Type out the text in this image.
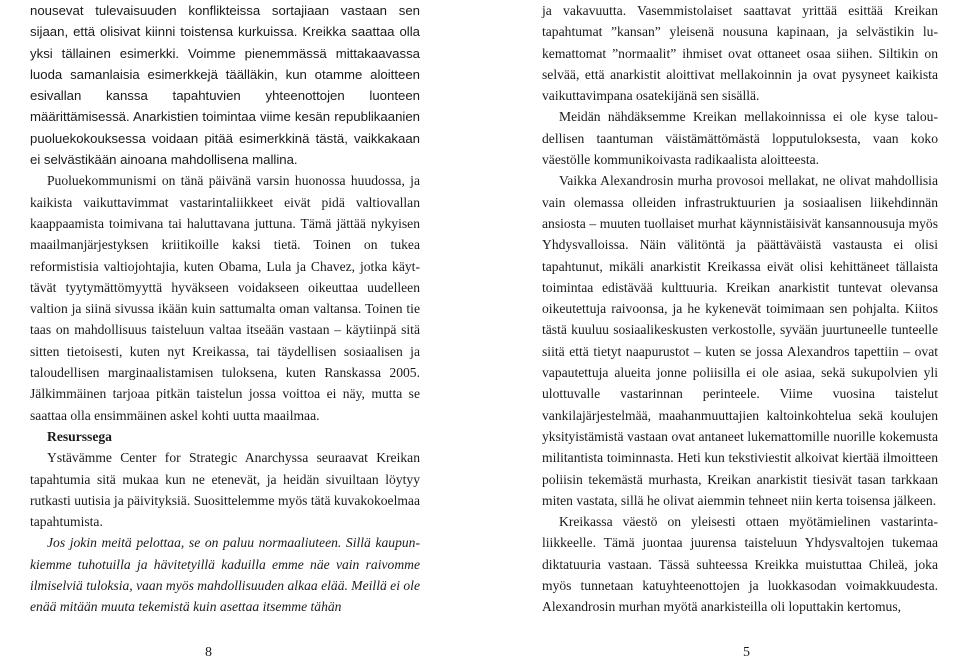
nousevat tulevaisuuden konflikteissa sortajiaan vastaan sen sijaan, että olisivat kiinni toistensa kurkuissa. Kreikka saattaa olla yksi tällainen esimerkki. Voimme pienemmässä mittakaavassa luoda samanlaisia esimerkkejä täälläkin, kun otamme aloitteen esivallan kanssa tapahtuvien yhteenottojen luonteen määrittämisessä. Anarkistien toimintaa viime kesän republikaanien puoluekokouksessa voidaan pitää esimerkkinä tästä, vaikkakaan ei selvästikään ainoana mahdollisena mallina.

Puoluekommunismi on tänä päivänä varsin huonossa huudossa, ja kaikista vaikuttavimmat vastarintaliikkeet eivät pidä valtiovallan kaappaamista toimivana tai haluttavana juttuna. Tämä jättää nykyisen maailmanjärjestyksen kriitikoille kaksi tietä. Toinen on tukea reformistisia valtiojohtajia, kuten Obama, Lula ja Chavez, jotka käyttävät tyytymättömyyttä hyväkseen voidakseen oikeuttaa uudelleen valtion ja siinä sivussa ikään kuin sattumalta oman valtansa. Toinen tie taas on mahdollisuus taisteluun valtaa itseään vastaan – käytiinpä sitä sitten tietoisesti, kuten nyt Kreikassa, tai täydellisen sosiaalisen ja taloudellisen marginaalistamisen tuloksena, kuten Ranskassa 2005. Jälkimmäinen tarjoaa pitkän taistelun jossa voittoa ei näy, mutta se saattaa olla ensimmäinen askel kohti uutta maailmaa.

Resurssega

Ystävämme Center for Strategic Anarchyssa seuraavat Kreikan tapahtumia sitä mukaa kun ne etenevät, ja heidän sivuiltaan löytyy rutkasti uutisia ja päivityksiä. Suosittelemme myös tätä kuvakokoelmaa tapahtumista.

Jos jokin meitä pelottaa, se on paluu normaaliuteen. Sillä kaupunkiemme tuhotuilla ja hävitetyillä kaduilla emme näe vain raivomme ilmiselviä tuloksia, vaan myös mahdollisuuden alkaa elää. Meillä ei ole enää mitään muuta tekemistä kuin asettaa itsemme tähän

8

ja vakavuutta. Vasemmistolaiset saattavat yrittää esittää Kreikan tapahtumat ”kansan” yleisenä nousuna kapinaan, ja selvästikin lukemattomat ”normaalit” ihmiset ovat ottaneet osaa siihen. Siltikin on selvää, että anarkistit aloittivat mellakoinnin ja ovat pysyneet kaikista vaikuttavimpana osatekijänä sen sisällä.

Meidän nähdäksemme Kreikan mellakoinnissa ei ole kyse taloudellisen taantuman väistämättömästä lopputuloksesta, vaan koko väestölle kommunikoivasta radikaalista aloitteesta.

Vaikka Alexandrosin murha provosoi mellakat, ne olivat mahdollisia vain olemassa olleiden infrastruktuurien ja sosiaalisen liikehdinnän ansiosta – muuten tuollaiset murhat käynnistäisivät kansannousuja myös Yhdysvalloissa. Näin välitöntä ja päättäväistä vastausta ei olisi tapahtunut, mikäli anarkistit Kreikassa eivät olisi kehittäneet tällaista toimintaa edistävää kulttuuria. Kreikan anarkistit tuntevat olevansa oikeutettuja raivoonsa, ja he kykenevät toimimaan sen pohjalta. Kiitos tästä kuuluu sosiaalikeskusten verkostolle, syvään juurtuneelle tunteelle siitä että tietyt naapurustot – kuten se jossa Alexandros tapettiin – ovat vapautettuja alueita jonne poliisilla ei ole asiaa, sekä sukupolvien yli ulottuvalle vastarinnan perinteele. Viime vuosina taistelut vankilajärjestelmää, maahanmuuttajien kaltoinkohtelua sekä koulujen yksityistämistä vastaan ovat antaneet lukemattomille nuorille kokemusta militantista toiminnasta. Heti kun tekstiviestit alkoivat kiertää ilmoitteen poliisin tekemästä murhasta, Kreikan anarkistit tiesivät tasan tarkkaan miten vastata, sillä he olivat aiemmin tehneet niin kerta toisensa jälkeen.

Kreikassa väestö on yleisesti ottaen myötämielinen vastarintaliikkeelle. Tämä juontaa juurensa taisteluun Yhdysvaltojen tukemaa diktatuuria vastaan. Tässä suhteessa Kreikka muistuttaa Chileä, joka myös tunnetaan katuyhteenottojen ja luokkasodan voimakkuudesta. Alexandrosin murhan myötä anarkisteilla oli loputtakin kertomus,

5
